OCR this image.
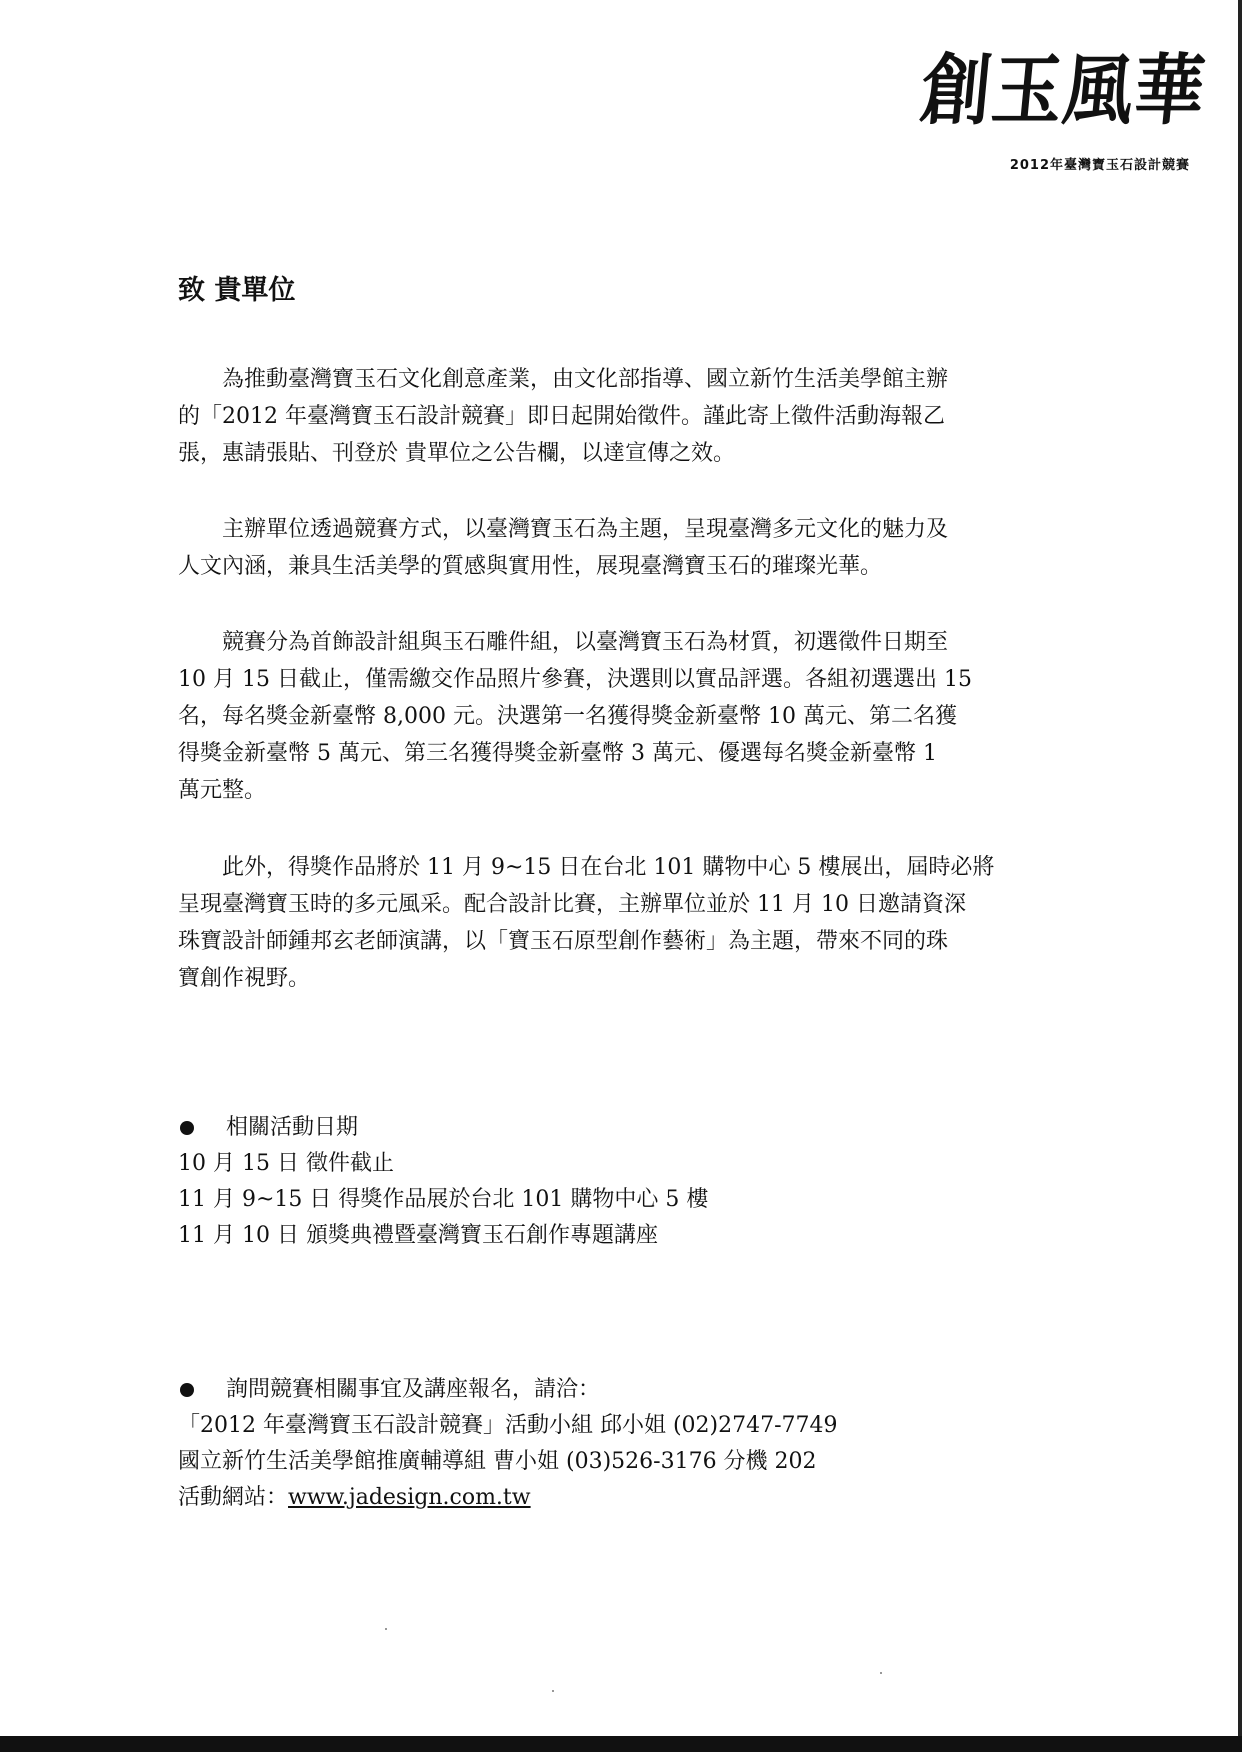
創玉風華
2012年臺灣寶玉石設計競賽
致 貴單位
　　為推動臺灣寶玉石文化創意產業，由文化部指導、國立新竹生活美學館主辦
的「2012 年臺灣寶玉石設計競賽」即日起開始徵件。謹此寄上徵件活動海報乙
張，惠請張貼、刊登於 貴單位之公告欄，以達宣傳之效。
　　主辦單位透過競賽方式，以臺灣寶玉石為主題，呈現臺灣多元文化的魅力及
人文內涵，兼具生活美學的質感與實用性，展現臺灣寶玉石的璀璨光華。
　　競賽分為首飾設計組與玉石雕件組，以臺灣寶玉石為材質，初選徵件日期至
10 月 15 日截止，僅需繳交作品照片參賽，決選則以實品評選。各組初選選出 15
名，每名獎金新臺幣 8,000 元。決選第一名獲得獎金新臺幣 10 萬元、第二名獲
得獎金新臺幣 5 萬元、第三名獲得獎金新臺幣 3 萬元、優選每名獎金新臺幣 1
萬元整。
　　此外，得獎作品將於 11 月 9~15 日在台北 101 購物中心 5 樓展出，屆時必將
呈現臺灣寶玉時的多元風采。配合設計比賽，主辦單位並於 11 月 10 日邀請資深
珠寶設計師鍾邦玄老師演講，以「寶玉石原型創作藝術」為主題，帶來不同的珠
寶創作視野。
相關活動日期
10 月 15 日 徵件截止
11 月 9~15 日 得獎作品展於台北 101 購物中心 5 樓
11 月 10 日 頒獎典禮暨臺灣寶玉石創作專題講座
詢問競賽相關事宜及講座報名，請洽：
「2012 年臺灣寶玉石設計競賽」活動小組 邱小姐 (02)2747-7749
國立新竹生活美學館推廣輔導組 曹小姐 (03)526-3176 分機 202
活動網站：www.jadesign.com.tw
